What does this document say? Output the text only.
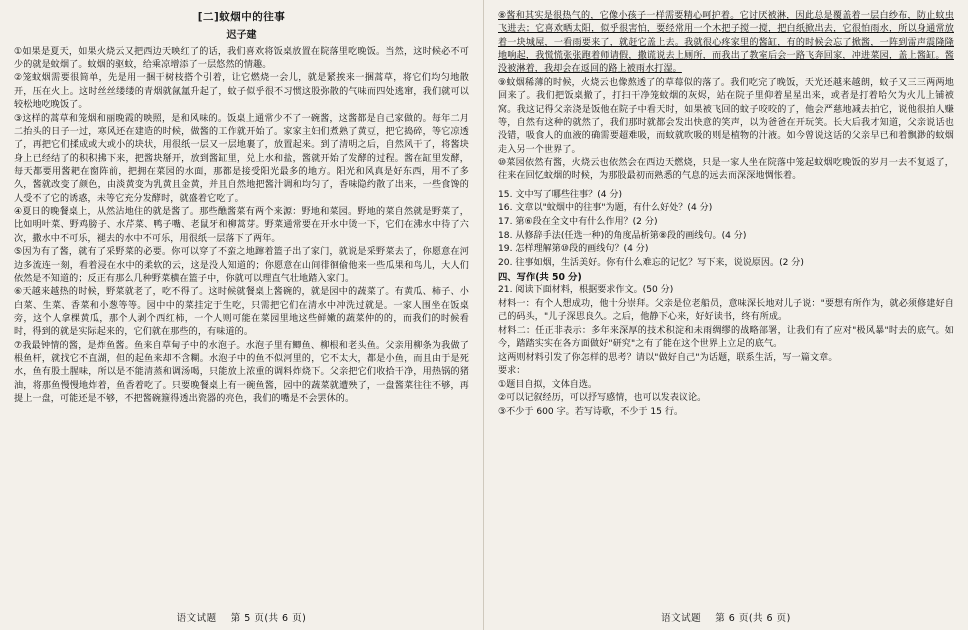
[二]蚊烟中的往事
迟子建

①如果是夏天，如果火烧云又把西边天映红了的话，我们喜欢将饭桌放置在院落里吃晚饭。当然，这时候必不可少的就是蚊烟了。蚊烟的驱蚊，给乘凉增添了一层悠然的情趣。

②笼蚊烟需要很简单，先是用一捆干树枝搭个引着，让它燃烧一会儿，就是紧挨来一捆蒿草，将它们均匀地散开，压在火上。这时丝丝缕缕的青烟就氤氲升起了，蚊子似乎很不习惯这股弥散的气味而四处逃窜，我们就可以较松地吃晚饭了。

③这样的蒿草和笼烟和丽晚霞的映照，是和风味的。饭桌上通常少不了一碗酱，这酱都是自己家做的。每年二月二抬头的日子一过，寒风还在建造的时候，做酱的工作就开始了。家家主妇们煮熟了黄豆，把它捣碎，等它凉透了，再把它们揉成或大或小的块状，用很纸一层又一层地裹了，放置起来。到了清明之后，自然风干了，将酱块身上已经结了的积积拂下来，把酱块掰开，放到酱缸里，兑上水和盐，酱就开始了发酵的过程。酱在缸里发酵，每天都要用酱耙在窗阵前，把拥在菜园的水面，那都是接受阳光最多的地方。阳光和风真是好东西，用不了多久，酱就改变了颜色，由淡黄变为乳黄且金黄，并且自然地把酱汁调和均匀了，香味隐约散了出来，一些食馋的人受不了它的诱惑，未等它充分发酵时，就盛着它吃了。

④夏日的晚餐桌上，从然沾地住的就是酱了。那些醮酱菜有两个来源：野地和菜园。野地的菜自然就是野菜了，比如明叶菜、野鸡膀子、水芹菜、鸭子嘴、老鼠牙和柳蒿芽。野菜通常要在开水中烫一下，它们在沸水中待了六次，撒水中不可乐，褪去的水中不可乐，用很纸一层落下了两年。

⑤因为有了酱，就有了采野菜的必要。你可以穿了不蛮之地蹿着篮子出了家门，就说是采野菜去了，你愿意在河边多流连一刻，看着浸在水中的柔软的云，这是没人知道的；你愿意在山间徘徊偷他来一些瓜果和鸟儿，大人们依然是不知道的；反正有那么几种野菜横在篮子中，你就可以理直气壮地踏入家门。

⑥天越来越热的时候，野菜就老了，吃不得了。这时候就餐桌上酱碗的，就是园中的蔬菜了。有黄瓜、柿子、小白菜、生菜、香菜和小葱等等。园中中的菜挂定于生吃，只需把它们在清水中冲洗过就是。一家人围坐在饭桌旁，这个人拿棵黄瓜，那个人剥个西红柿，一个人则可能在菜园里地这些鲜嫩的蔬菜仲的的，而我们的时候看时，得到的就是实际起来的，它们就在那些的，有味道的。

⑦我最钟情的酱，是炸鱼酱。鱼来自草甸子中的水泡子。水泡子里有鲫鱼、柳根和老头鱼。父亲用柳条为我做了根鱼杆，就找它不直湖，但的起鱼来却不含糊。水泡子中的鱼不似河里的，它不太大，都是小鱼，而且由于是死水，鱼有股土腥味，所以是不能清蒸和调汤喝，只能放上浓重的调料炸烧下。父亲把它们收拾干净，用热锅的猪油，将那鱼慢慢地炸着，鱼香着吃了。只要晚餐桌上有一碗鱼酱，园中的蔬菜就遭殃了，一盘酱菜往往不够，再提上一盘，可能还是不够，不把酱碗箍得透出瓷器的亮色，我们的嘴是不会罢休的。

语文试题 第 5 页(共 6 页)

⑧酱和其实是很热气的，它像小孩子一样需要精心呵护着。它讨厌被淋，因此总是覆盖着一层白纱布，防止蚊虫飞进去；它喜欢晒太阳，似乎很害怕，要经常用一个木把子搅一搅，把白纸掀出去，它很怕雨水，所以身通常放着一块城屋，一看雨要来了，就赶它盖上去。我就很心疼家里的酱缸，有的时候会忘了掀酱，一阵到雷声震隆隆地响起，我慌慌张张跑着师请假，撒谎说去上厕所，而我出了教室后会一路飞奔回家，冲进菜园，盖上酱缸。酱没被淋着，我却会在返回的路上被雨水打湿。

⑨蚊烟稀薄的时候，火烧云也像熬透了的草莓似的落了。我们吃完了晚饭，天光还越来越朗，蚊子又三三两两地回来了。我们把饭桌撤了，打扫干净笼蚊烟的灰烬，站在院子里仰着星星出来，或者是打着哈欠为火儿上铺被窝。我这记得父亲浇是饭他在院子中看天时，如果被飞回的蚊子咬咬的了，他会严慈地减去拍它，说他很拍人赚等，自然有这种的就然了，我们那时就都会发出快意的笑声，以为爸爸在开玩笑。长大后我才知道，父亲说话也没错，吸食人的血液的确需要超难吸，而蚊就吹吸的则是植物的汁液。如今曾说这话的父亲早已和着飘渺的蚊烟走入另一个世界了。

⑩菜园依然有酱，火烧云也依然会在西边天燃烧，只是一家人坐在院落中笼起蚊烟吃晚饭的岁月一去不复返了，往来在回忆蚊烟的时候，为那股最初而熟悉的气息的远去而深深地惆怅着。

15. 文中写了哪些往事？(4 分)

16. 文章以"蚊烟中的往事"为题，有什么好处？(4 分)

17. 第⑥段在全文中有什么作用？(2 分)

18. 从修辞手法(任选一种)的角度品析第⑧段的画线句。(4 分)

19. 怎样理解第⑩段的画线句？(4 分)

20. 往事如烟，生活美好。你有什么难忘的记忆？写下来，说说原因。(2 分)

四、写作(共 50 分)

21. 阅读下面材料，根据要求作文。(50 分)

材料一：有个人想成功，他十分崇拜。父亲是位老船员，意味深长地对儿子说："要想有所作为，就必须修建好自己的码头，"儿子深思良久。之后，他静下心来，好好读书，终有所成。

材料二：任正非表示：多年来深厚的技术积淀和未雨绸缪的战略部署，让我们有了应对"极风暴"时去的底气。如今，踏踏实实在各方面做好"研究"之有了能在这个世界上立足的底气。

这两则材料引发了你怎样的思考？请以"做好自己"为话题，联系生活，写一篇文章。

要求：

①题目自拟，文体自选。

②可以记叙经历，可以抒写感情，也可以发表议论。

③不少于 600 字。若写诗歌，不少于 15 行。

语文试题 第 6 页(共 6 页)
